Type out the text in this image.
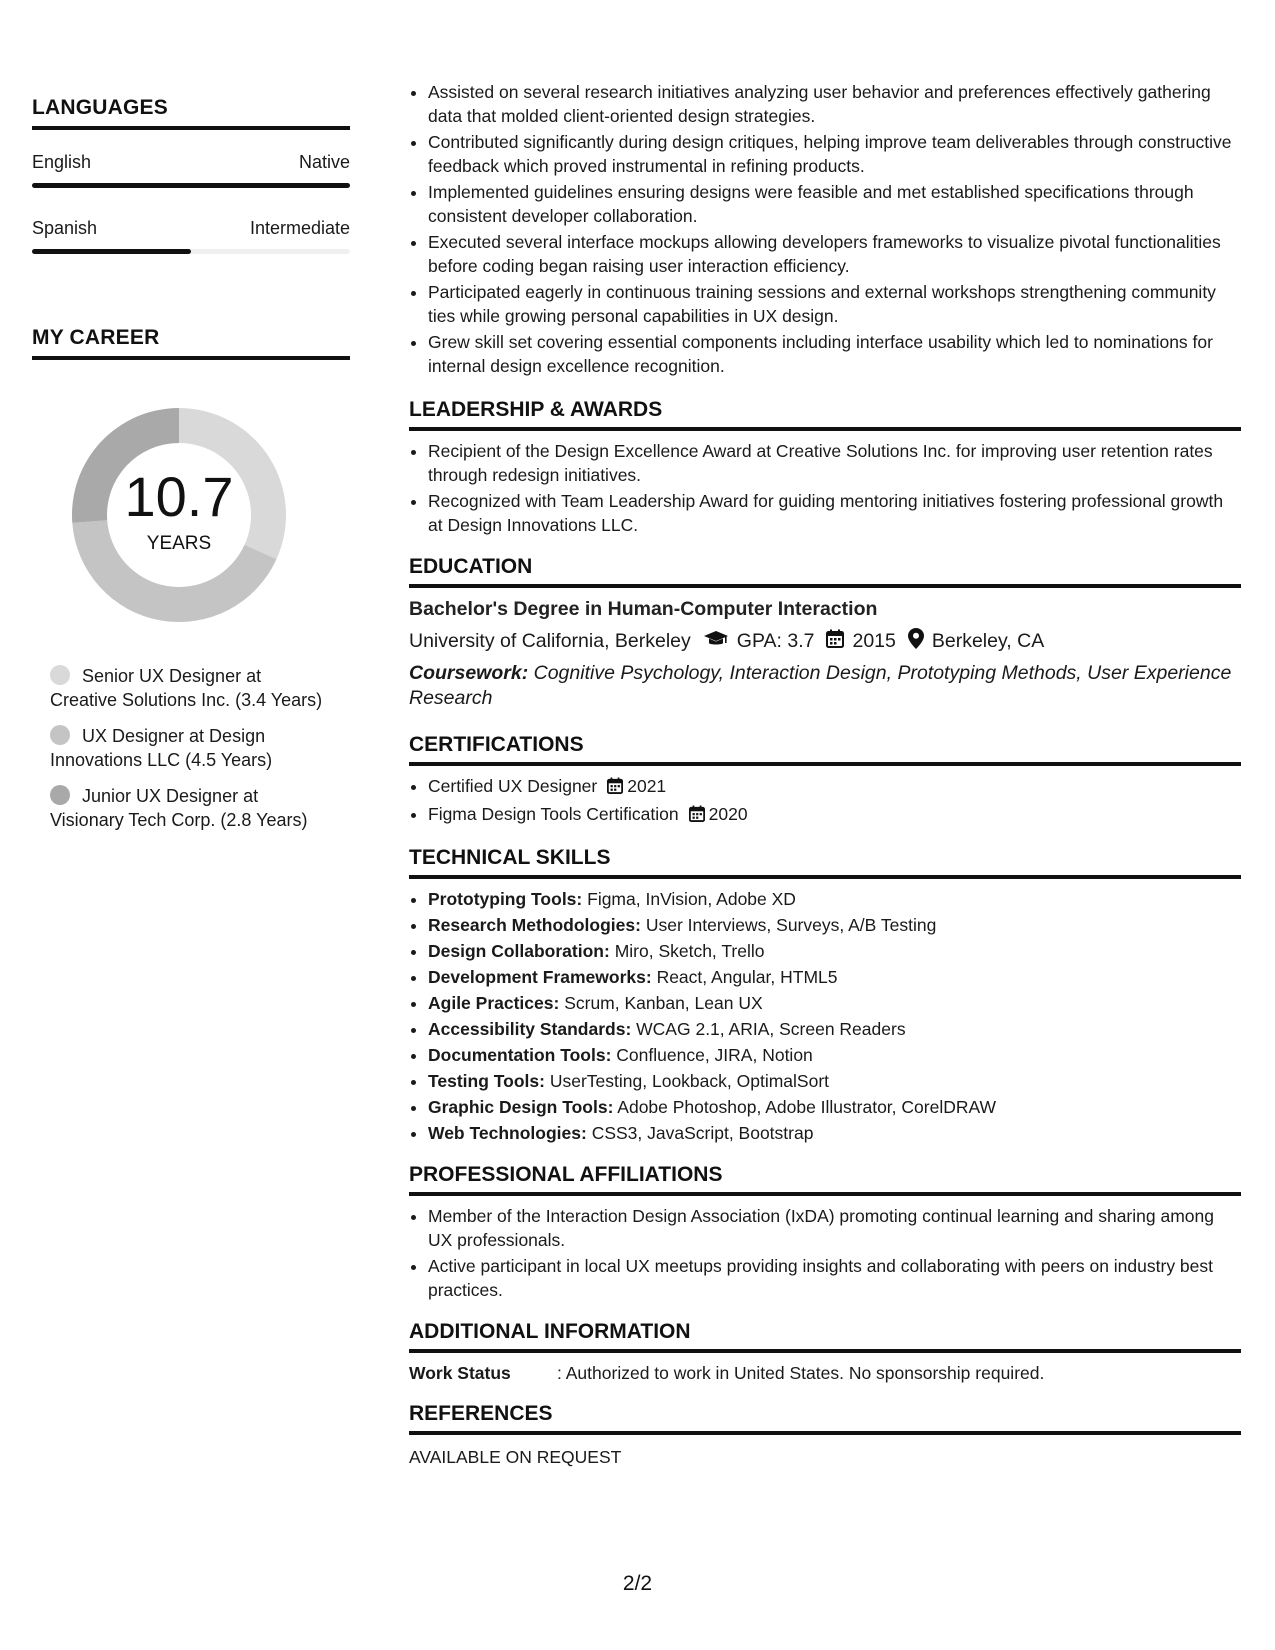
LANGUAGES
English	Native
Spanish	Intermediate
MY CAREER
10.7
YEARS
Senior UX Designer at Creative Solutions Inc. (3.4 Years)
UX Designer at Design Innovations LLC (4.5 Years)
Junior UX Designer at Visionary Tech Corp. (2.8 Years)
• Assisted on several research initiatives analyzing user behavior and preferences effectively gathering data that molded client-oriented design strategies.
• Contributed significantly during design critiques, helping improve team deliverables through constructive feedback which proved instrumental in refining products.
• Implemented guidelines ensuring designs were feasible and met established specifications through consistent developer collaboration.
• Executed several interface mockups allowing developers frameworks to visualize pivotal functionalities before coding began raising user interaction efficiency.
• Participated eagerly in continuous training sessions and external workshops strengthening community ties while growing personal capabilities in UX design.
• Grew skill set covering essential components including interface usability which led to nominations for internal design excellence recognition.
LEADERSHIP & AWARDS
• Recipient of the Design Excellence Award at Creative Solutions Inc. for improving user retention rates through redesign initiatives.
• Recognized with Team Leadership Award for guiding mentoring initiatives fostering professional growth at Design Innovations LLC.
EDUCATION
Bachelor's Degree in Human-Computer Interaction
University of California, Berkeley GPA: 3.7 2015 Berkeley, CA
Coursework: Cognitive Psychology, Interaction Design, Prototyping Methods, User Experience Research
CERTIFICATIONS
• Certified UX Designer 2021
• Figma Design Tools Certification 2020
TECHNICAL SKILLS
• Prototyping Tools: Figma, InVision, Adobe XD
• Research Methodologies: User Interviews, Surveys, A/B Testing
• Design Collaboration: Miro, Sketch, Trello
• Development Frameworks: React, Angular, HTML5
• Agile Practices: Scrum, Kanban, Lean UX
• Accessibility Standards: WCAG 2.1, ARIA, Screen Readers
• Documentation Tools: Confluence, JIRA, Notion
• Testing Tools: UserTesting, Lookback, OptimalSort
• Graphic Design Tools: Adobe Photoshop, Adobe Illustrator, CorelDRAW
• Web Technologies: CSS3, JavaScript, Bootstrap
PROFESSIONAL AFFILIATIONS
• Member of the Interaction Design Association (IxDA) promoting continual learning and sharing among UX professionals.
• Active participant in local UX meetups providing insights and collaborating with peers on industry best practices.
ADDITIONAL INFORMATION
Work Status	: Authorized to work in United States. No sponsorship required.
REFERENCES
AVAILABLE ON REQUEST
2/2
